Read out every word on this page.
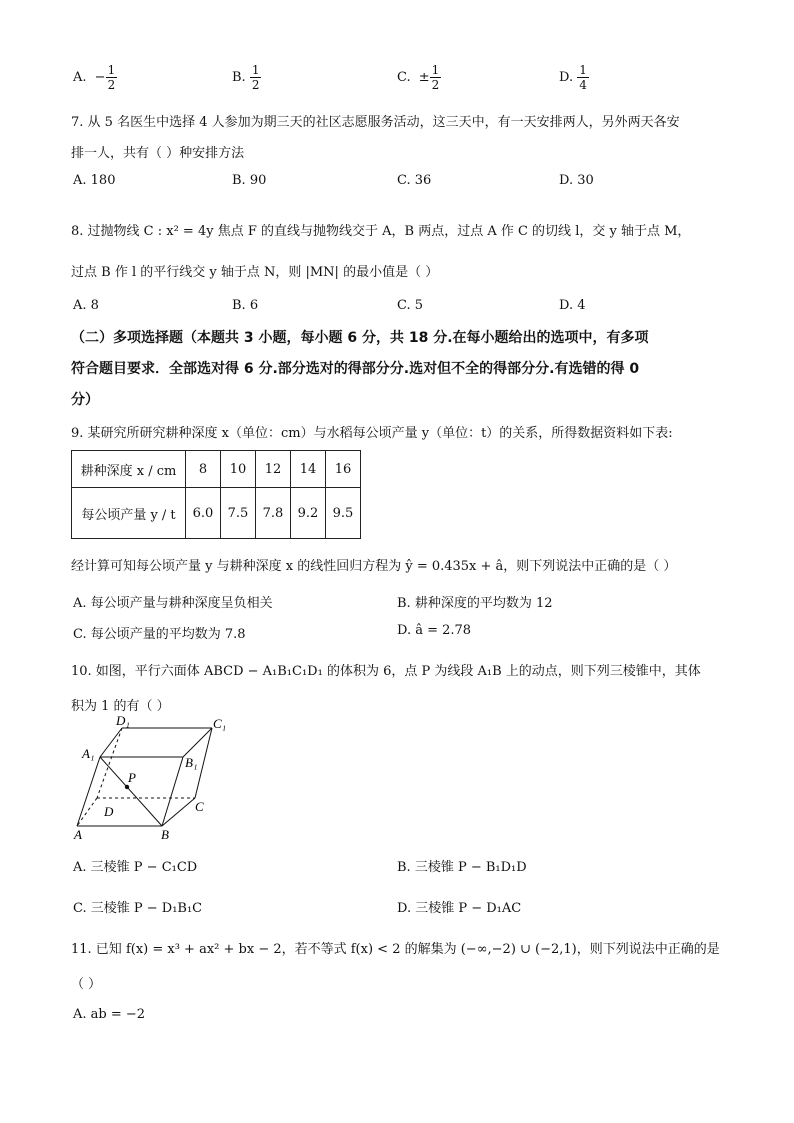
A. − $\frac{1}{2}$	B. $\frac{1}{2}$	C. ± $\frac{1}{2}$	D. $\frac{1}{4}$
7. 从 5 名医生中选择 4 人参加为期三天的社区志愿服务活动，这三天中，有一天安排两人，另外两天各安
排一人，共有（ ）种安排方法
A. 180	B. 90	C. 36	D. 30
8. 过抛物线 C : x² = 4y 焦点 F 的直线与抛物线交于 A，B 两点，过点 A 作 C 的切线 l，交 y 轴于点 M，
过点 B 作 l 的平行线交 y 轴于点 N，则 |MN| 的最小值是（ ）
A. 8	B. 6	C. 5	D. 4
（二）多项选择题（本题共 3 小题，每小题 6 分，共 18 分.在每小题给出的选项中，有多项
符合题目要求．全部选对得 6 分.部分选对的得部分分.选对但不全的得部分分.有选错的得 0
分）
9. 某研究所研究耕种深度 x（单位：cm）与水稻每公顷产量 y（单位：t）的关系，所得数据资料如下表:
耕种深度 x / cm	8	10	12	14	16
每公顷产量 y / t	6.0	7.5	7.8	9.2	9.5
经计算可知每公顷产量 y 与耕种深度 x 的线性回归方程为 ŷ = 0.435x + â，则下列说法中正确的是（ ）
A. 每公顷产量与耕种深度呈负相关	B. 耕种深度的平均数为 12
C. 每公顷产量的平均数为 7.8	D. â = 2.78
10. 如图，平行六面体 ABCD − A₁B₁C₁D₁ 的体积为 6，点 P 为线段 A₁B 上的动点，则下列三棱锥中，其体
积为 1 的有（ ）
D₁	C₁
A₁
B₁
P
D	C
A	B
A. 三棱锥 P − C₁CD	B. 三棱锥 P − B₁D₁D
C. 三棱锥 P − D₁B₁C	D. 三棱锥 P − D₁AC
11. 已知 f(x) = x³ + ax² + bx − 2，若不等式 f(x) < 2 的解集为 (−∞,−2) ∪ (−2,1)，则下列说法中正确的是
（ ）
A. ab = −2
